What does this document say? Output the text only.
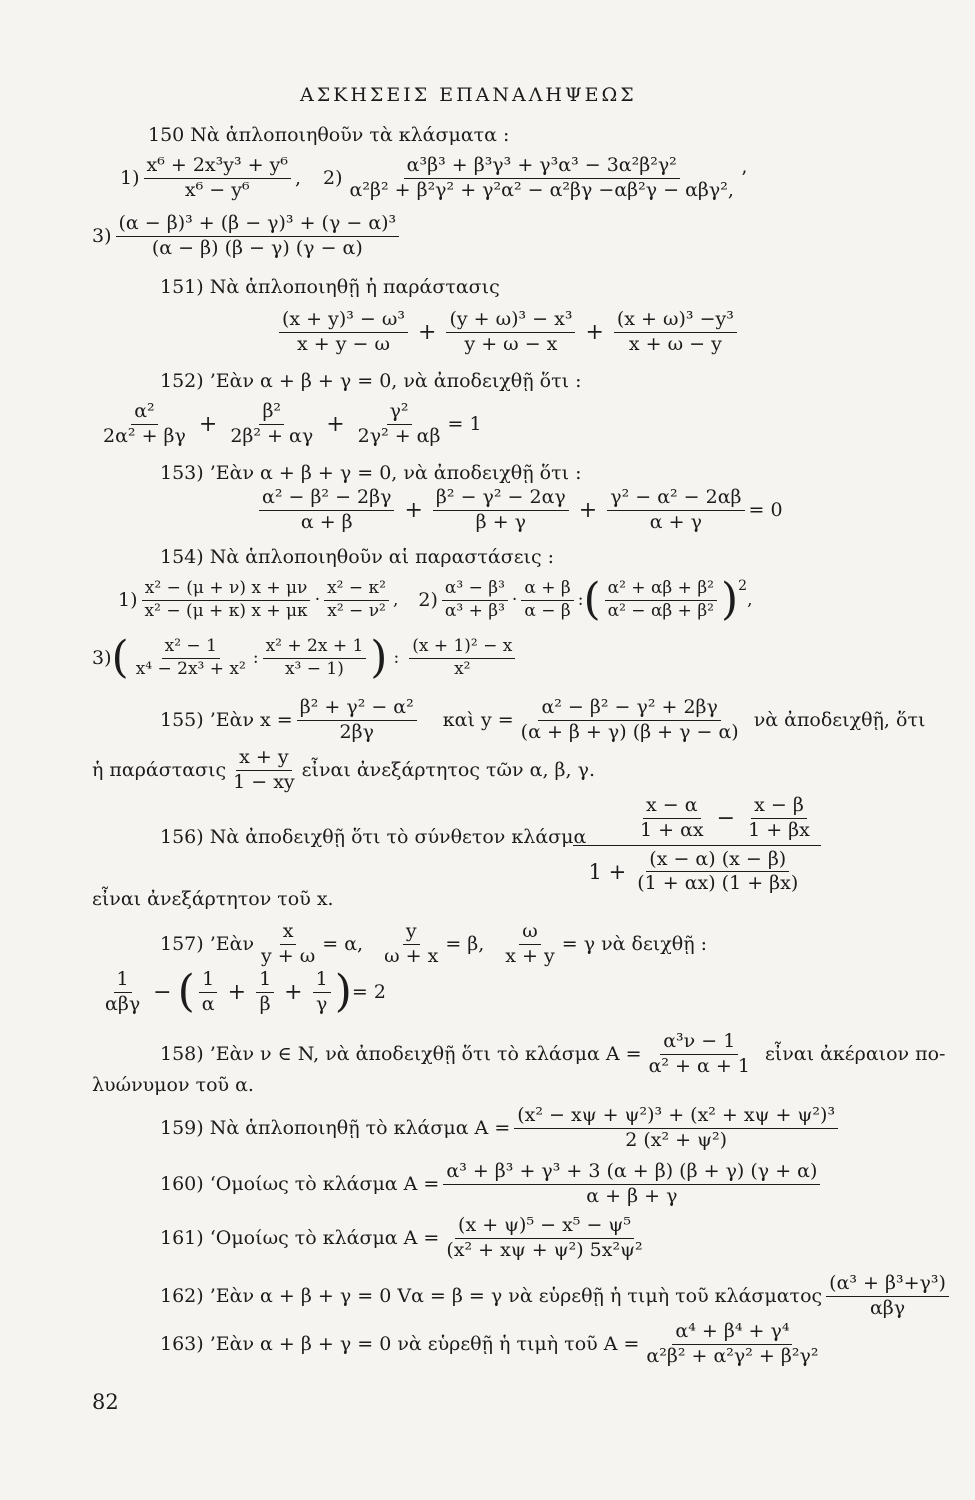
ΑΣΚΗΣΕΙΣ ΕΠΑΝΑΛΗΨΕΩΣ
150 Νὰ ἁπλοποιηθοῦν τὰ κλάσματα :
$1) \frac{\text{x⁶ + 2x³y³ + y⁶}}{\text{x⁶ − y⁶}}$ , $2) \frac{\text{α³β³ + β³γ³ + γ³α³ − 3α²β²γ²}}{\text{α²β² + β²γ² + γ²α² − α²βγ −αβ²γ − αβγ²,}}$ ’
$3) \frac{\text{(α − β)³ + (β − γ)³ + (γ − α)³}}{(\alpha - \beta) (\beta - \gamma) (\gamma - \alpha)}$
151) Νὰ ἁπλοποιηθῇ ἡ παράστασις
$\frac{\text{(x + y)³ − ω³}}{x + y - \omega} + \frac{\text{(y + ω)³ − x³}}{y + \omega - x} + \frac{\text{(x + ω)³ −y³}}{x + \omega - y}$
152) ’Εὰν α + β + γ = 0, νὰ ἀποδειχθῇ ὅτι :
$\frac{\text{α²}}{\text{2α² + βγ}} + \frac{\text{β²}}{\text{2β² + αγ}} + \frac{\text{γ²}}{\text{2γ² + αβ}} = 1$
153) ’Εὰν α + β + γ = 0, νὰ ἀποδειχθῇ ὅτι :
$\frac{\text{α² − β² − 2βγ}}{\alpha + \beta} + \frac{\text{β² − γ² − 2αγ}}{\beta + \gamma} + \frac{\text{γ² − α² − 2αβ}}{\alpha + \gamma} = 0$
154) Νὰ ἁπλοποιηθοῦν αἱ παραστάσεις :
$1) \frac{\text{x² − (μ + ν) x + μν}}{\text{x² − (μ + κ) x + μκ}} \cdot \frac{\text{x² − κ²}}{\text{x² − ν²}}$ , $2) \frac{\text{α³ − β³}}{\text{α³ + β³}} \cdot \frac{\alpha + \beta}{\alpha - \beta}$ : ( $\frac{\text{α² + αβ + β²}}{\text{α² − αβ + β²}}$ ) 2
,
3) ( $\frac{\text{x² − 1}}{\text{x⁴ − 2x³ + x²}}$ : $\frac{\text{x² + 2x + 1}}{\text{x³ − 1)}}$ ) : $\frac{\text{(x + 1)² − x}}{\text{x²}}$
155) ’Εὰν $x = \frac{\text{β² + γ² − α²}}{2\beta\gamma}$ καὶ $y = \frac{\text{α² − β² − γ² + 2βγ}}{(\alpha + \beta + \gamma) (\beta + \gamma - \alpha)}$ νὰ ἀποδειχθῇ, ὅτι
ἡ παράστασις $\frac{x + y}{1 - xy}$ εἶναι ἀνεξάρτητος τῶν α, β, γ.
156) Νὰ ἀποδειχθῇ ὅτι τὸ σύνθετον κλάσμα	$\frac{x - \alpha}{1 + \alpha x} - \frac{x - \beta}{1 + \beta x}$
$1 + \frac{(x - \alpha) (x - \beta)}{(1 + \alpha x) (1 + \beta x)}$
εἶναι ἀνεξάρτητον τοῦ x.
157) ’Εὰν $\frac{x}{y + \omega} = \alpha$, $\frac{y}{\omega + x} = \beta$, $\frac{\omega}{x + y} = \gamma$ νὰ δειχθῇ :
$\frac{1}{\text{αβγ}}$ − ( $\frac{1}{\alpha} + \frac{1}{\beta} + \frac{1}{\gamma}$ ) = 2
158) ’Εὰν ν ∈ N, νὰ ἀποδειχθῇ ὅτι τὸ κλάσμα $A = \frac{\text{α³ν − 1}}{\text{α² + α + 1}}$ εἶναι ἀκέραιον πο-
λυώνυμον τοῦ α.
159) Νὰ ἁπλοποιηθῇ τὸ κλάσμα $A = \frac{\text{(x² − xψ + ψ²)³ + (x² + xψ + ψ²)³}}{\text{2 (x² + ψ²)}}$
160) ‘Ομοίως τὸ κλάσμα $A = \frac{\text{α³ + β³ + γ³ + 3 (α + β) (β + γ) (γ + α)}}{\alpha + \beta + \gamma}$
161) ‘Ομοίως τὸ κλάσμα $A = \frac{\text{(x + ψ)⁵ − x⁵ − ψ⁵}}{\text{(x² + xψ + ψ²) 5x²ψ²}}$
162) ’Εὰν α + β + γ = 0 Vα = β = γ νὰ εὑρεθῇ ἡ τιμὴ τοῦ κλάσματος $\frac{\text{(α³ + β³+γ³)}}{\text{αβγ}}$
163) ’Εὰν α + β + γ = 0 νὰ εὑρεθῇ ἡ τιμὴ τοῦ $A = \frac{\text{α⁴ + β⁴ + γ⁴}}{\text{α²β² + α²γ² + β²γ²}}$
82
